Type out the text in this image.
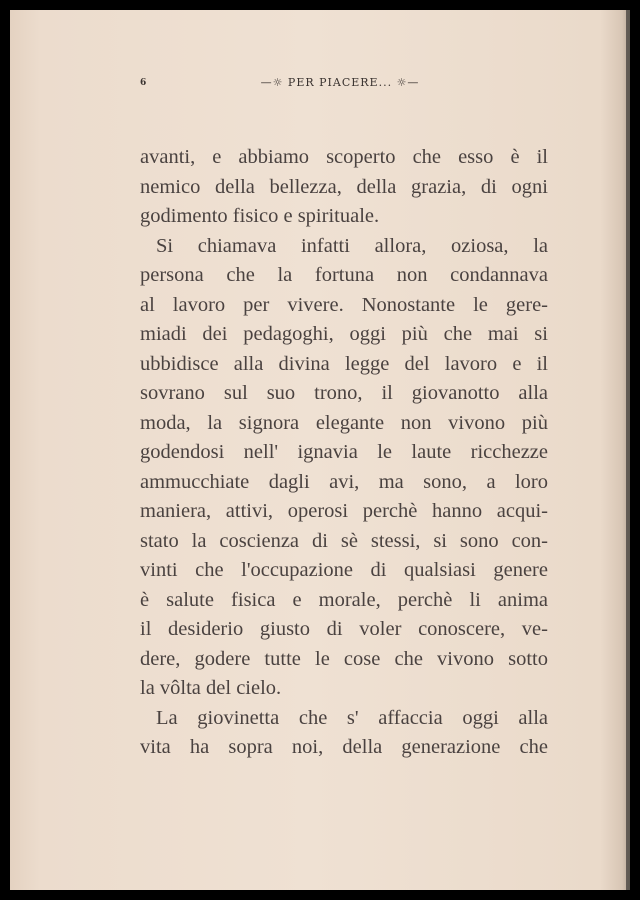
6	—☼ PER PIACERE... ☼—
avanti, e abbiamo scoperto che esso è il
nemico della bellezza, della grazia, di ogni
godimento fisico e spirituale.
Si chiamava infatti allora, oziosa, la
persona che la fortuna non condannava
al lavoro per vivere. Nonostante le gere-
miadi dei pedagoghi, oggi più che mai si
ubbidisce alla divina legge del lavoro e il
sovrano sul suo trono, il giovanotto alla
moda, la signora elegante non vivono più
godendosi nell' ignavia le laute ricchezze
ammucchiate dagli avi, ma sono, a loro
maniera, attivi, operosi perchè hanno acqui-
stato la coscienza di sè stessi, si sono con-
vinti che l'occupazione di qualsiasi genere
è salute fisica e morale, perchè li anima
il desiderio giusto di voler conoscere, ve-
dere, godere tutte le cose che vivono sotto
la vôlta del cielo.
La giovinetta che s' affaccia oggi alla
vita ha sopra noi, della generazione che
